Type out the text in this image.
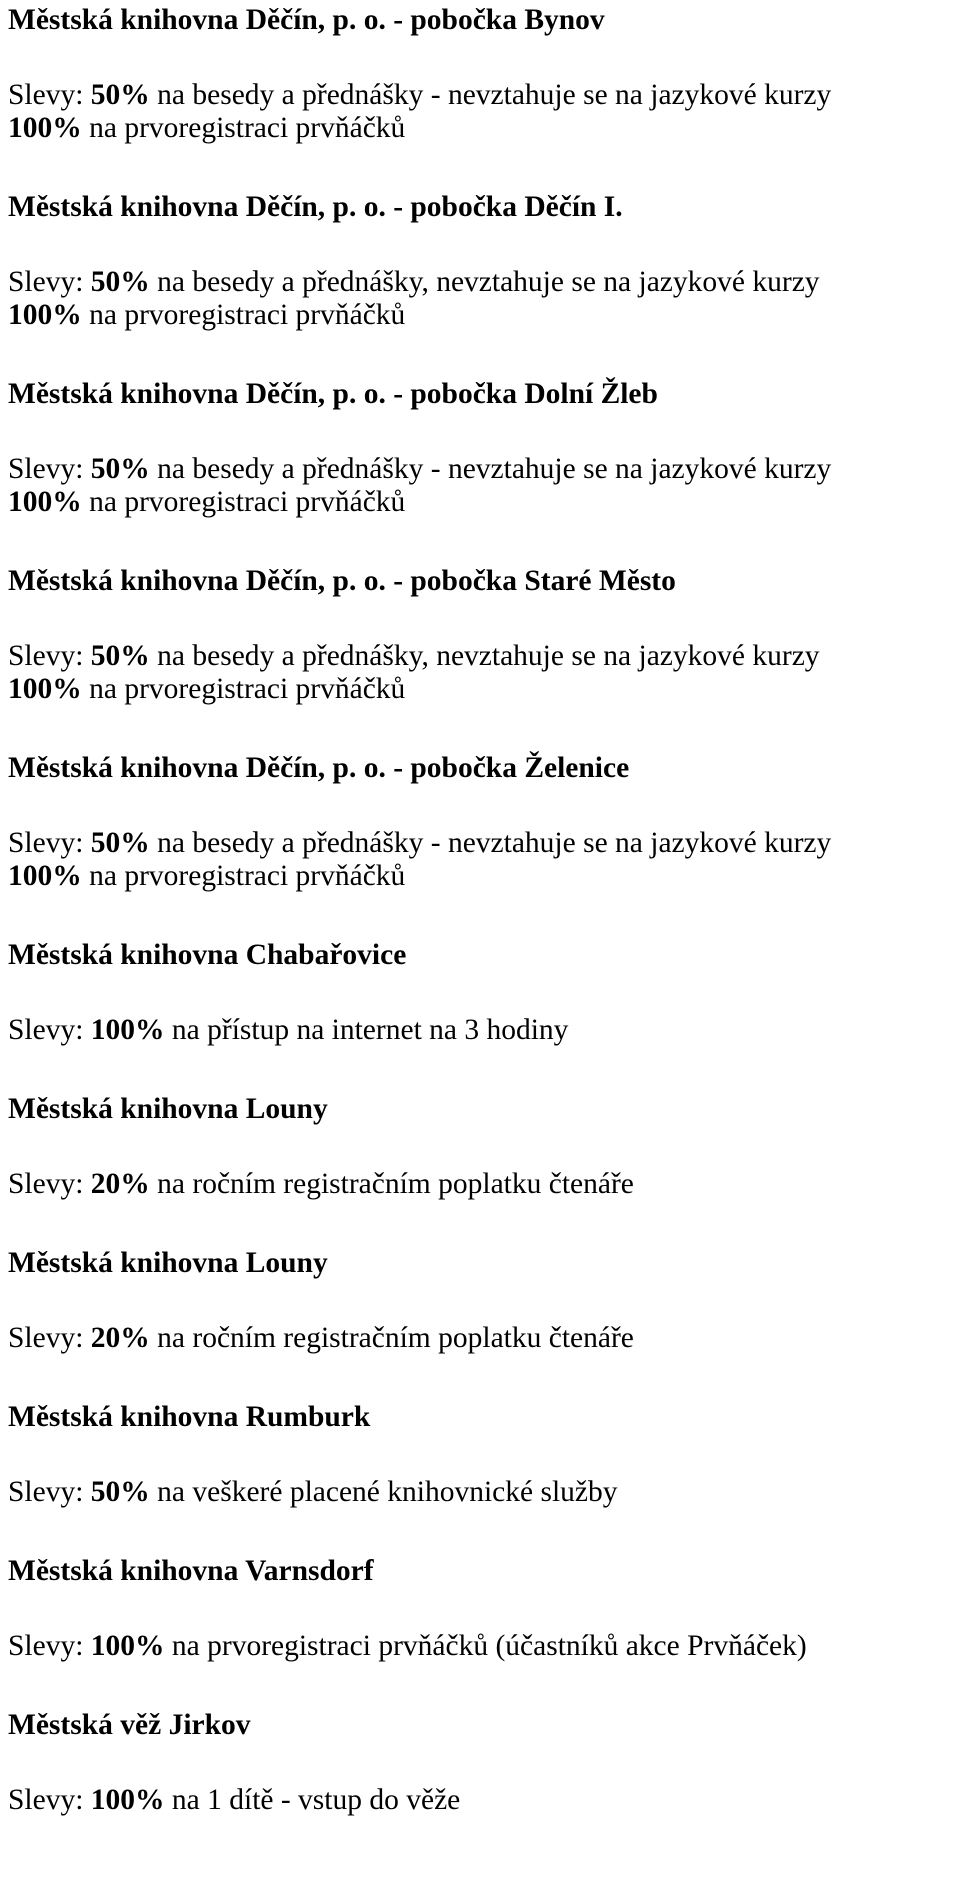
Městská knihovna Děčín, p. o. - pobočka Bynov
Slevy: 50% na besedy a přednášky - nevztahuje se na jazykové kurzy
100% na prvoregistraci prvňáčků
Městská knihovna Děčín, p. o. - pobočka Děčín I.
Slevy: 50% na besedy a přednášky, nevztahuje se na jazykové kurzy
100% na prvoregistraci prvňáčků
Městská knihovna Děčín, p. o. - pobočka Dolní Žleb
Slevy: 50% na besedy a přednášky - nevztahuje se na jazykové kurzy
100% na prvoregistraci prvňáčků
Městská knihovna Děčín, p. o. - pobočka Staré Město
Slevy: 50% na besedy a přednášky, nevztahuje se na jazykové kurzy
100% na prvoregistraci prvňáčků
Městská knihovna Děčín, p. o. - pobočka Želenice
Slevy: 50% na besedy a přednášky - nevztahuje se na jazykové kurzy
100% na prvoregistraci prvňáčků
Městská knihovna Chabařovice
Slevy: 100% na přístup na internet na 3 hodiny
Městská knihovna Louny
Slevy: 20% na ročním registračním poplatku čtenáře
Městská knihovna Louny
Slevy: 20% na ročním registračním poplatku čtenáře
Městská knihovna Rumburk
Slevy: 50% na veškeré placené knihovnické služby
Městská knihovna Varnsdorf
Slevy: 100% na prvoregistraci prvňáčků (účastníků akce Prvňáček)
Městská věž Jirkov
Slevy: 100% na 1 dítě - vstup do věže
